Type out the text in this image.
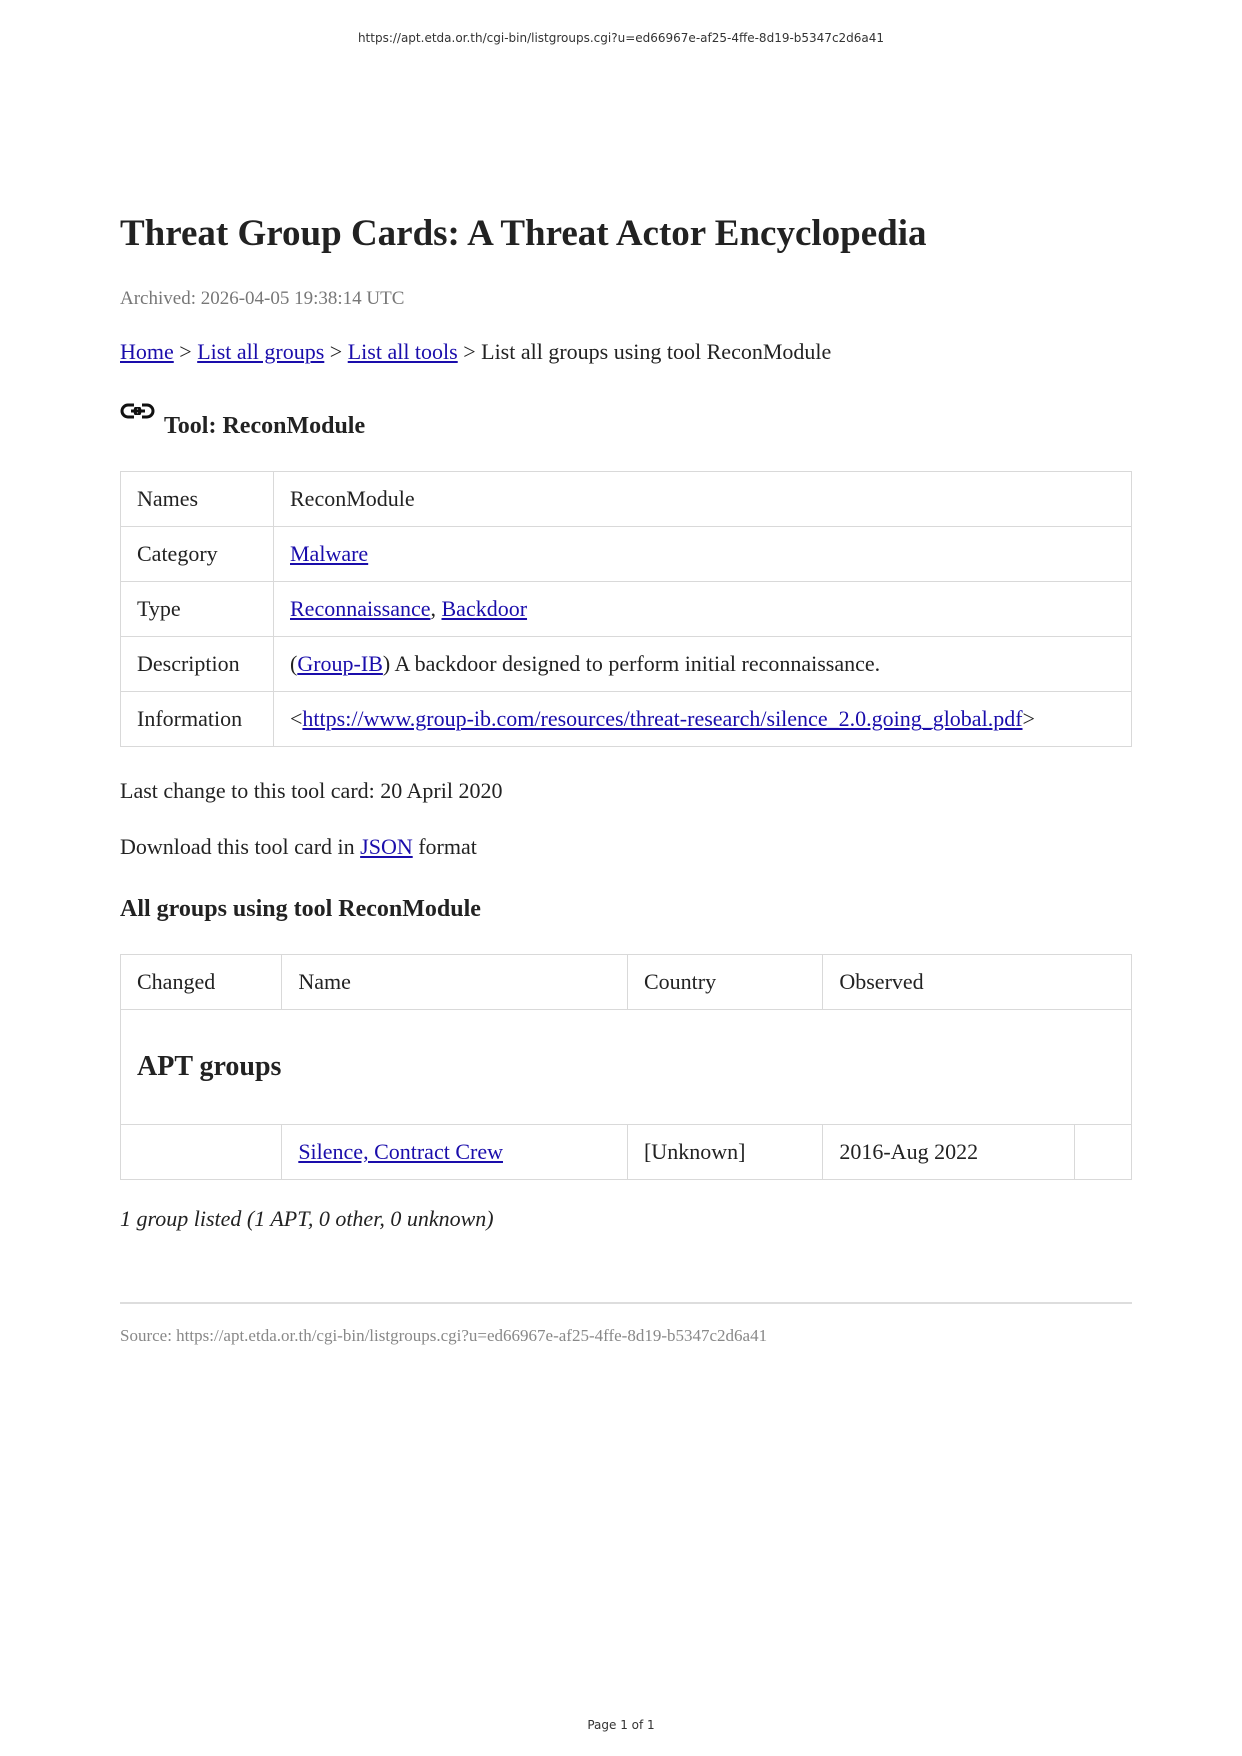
https://apt.etda.or.th/cgi-bin/listgroups.cgi?u=ed66967e-af25-4ffe-8d19-b5347c2d6a41
Threat Group Cards: A Threat Actor Encyclopedia
Archived: 2026-04-05 19:38:14 UTC
Home > List all groups > List all tools > List all groups using tool ReconModule
Tool: ReconModule
Names	ReconModule
Category	Malware
Type	Reconnaissance, Backdoor
Description	(Group-IB) A backdoor designed to perform initial reconnaissance.
Information	<https://www.group-ib.com/resources/threat-research/silence_2.0.going_global.pdf>
Last change to this tool card: 20 April 2020
Download this tool card in JSON format
All groups using tool ReconModule
Changed	Name	Country	Observed	
APT groups				
	Silence, Contract Crew	[Unknown]	2016-Aug 2022	
1 group listed (1 APT, 0 other, 0 unknown)
Source: https://apt.etda.or.th/cgi-bin/listgroups.cgi?u=ed66967e-af25-4ffe-8d19-b5347c2d6a41
Page 1 of 1
